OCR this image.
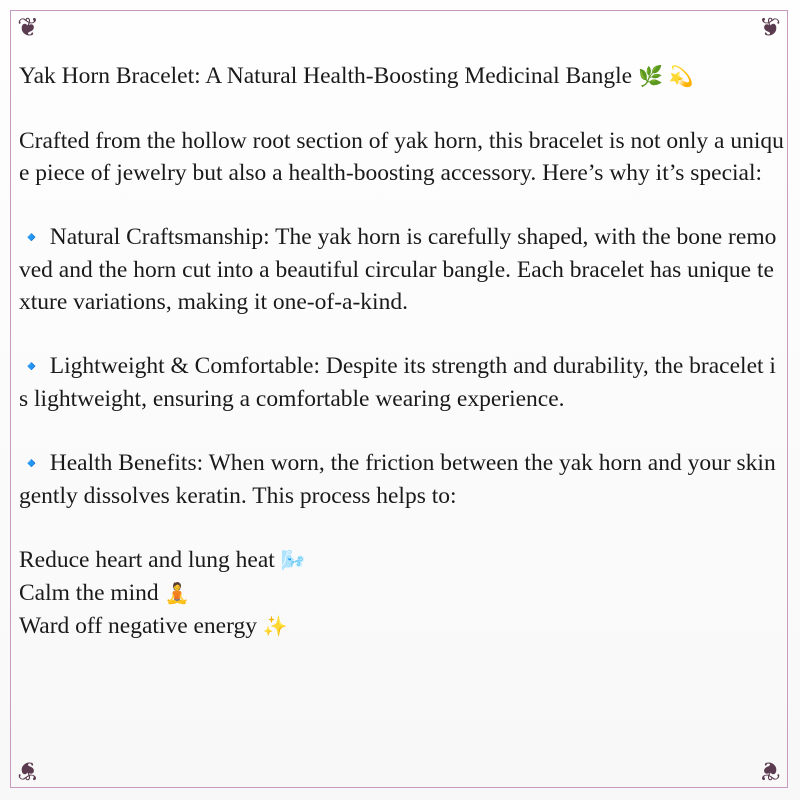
❦	❦
❦	❦

Yak Horn Bracelet: A Natural Health-Boosting Medicinal Bangle 🌿 💫

Crafted from the hollow root section of yak horn, this bracelet is not only a unique piece of jewelry but also a health-boosting accessory. Here’s why it’s special:

🔹 Natural Craftsmanship: The yak horn is carefully shaped, with the bone removed and the horn cut into a beautiful circular bangle. Each bracelet has unique texture variations, making it one-of-a-kind.

🔹 Lightweight & Comfortable: Despite its strength and durability, the bracelet is lightweight, ensuring a comfortable wearing experience.

🔹 Health Benefits: When worn, the friction between the yak horn and your skin gently dissolves keratin. This process helps to:

Reduce heart and lung heat 🌬️

Calm the mind 🧘

Ward off negative energy ✨
